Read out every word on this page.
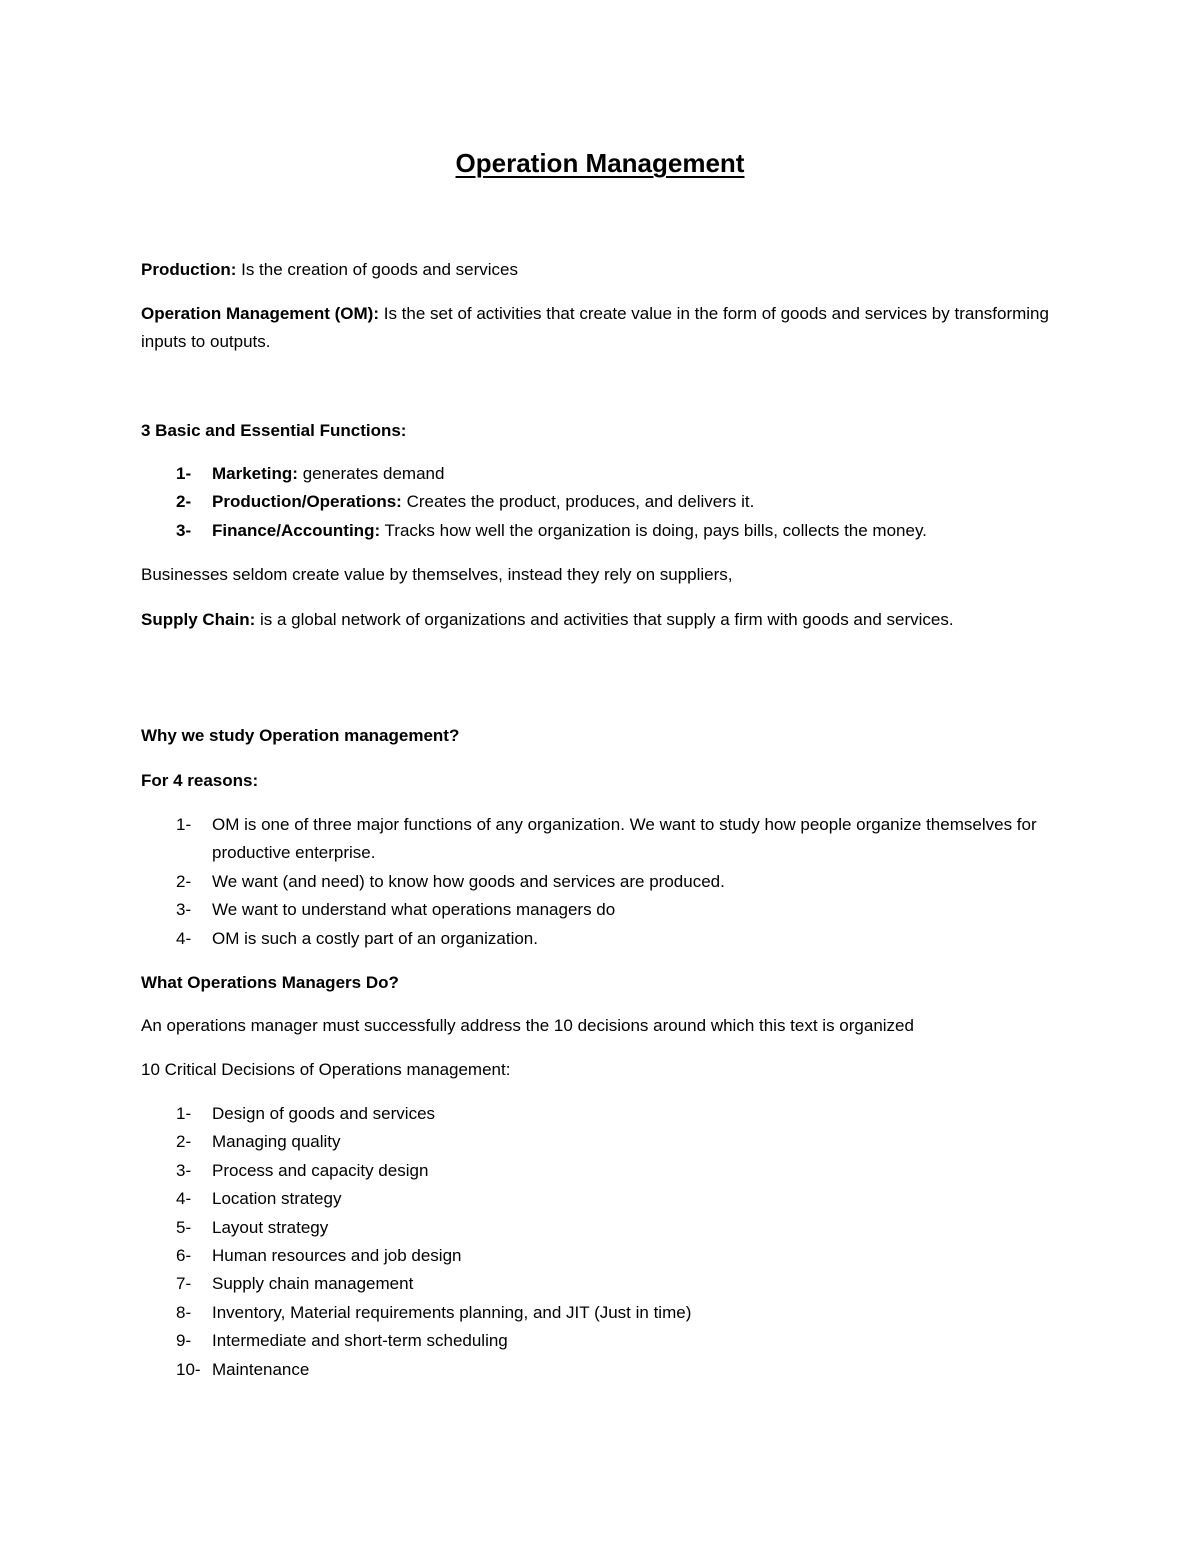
Operation Management

Production: Is the creation of goods and services

Operation Management (OM): Is the set of activities that create value in the form of goods and services by transforming inputs to outputs.

3 Basic and Essential Functions:

1- Marketing: generates demand
2- Production/Operations: Creates the product, produces, and delivers it.
3- Finance/Accounting: Tracks how well the organization is doing, pays bills, collects the money.

Businesses seldom create value by themselves, instead they rely on suppliers,

Supply Chain: is a global network of organizations and activities that supply a firm with goods and services.

Why we study Operation management?

For 4 reasons:

1- OM is one of three major functions of any organization. We want to study how people organize themselves for productive enterprise.
2- We want (and need) to know how goods and services are produced.
3- We want to understand what operations managers do
4- OM is such a costly part of an organization.

What Operations Managers Do?

An operations manager must successfully address the 10 decisions around which this text is organized

10 Critical Decisions of Operations management:

1- Design of goods and services
2- Managing quality
3- Process and capacity design
4- Location strategy
5- Layout strategy
6- Human resources and job design
7- Supply chain management
8- Inventory, Material requirements planning, and JIT (Just in time)
9- Intermediate and short-term scheduling
10- Maintenance
